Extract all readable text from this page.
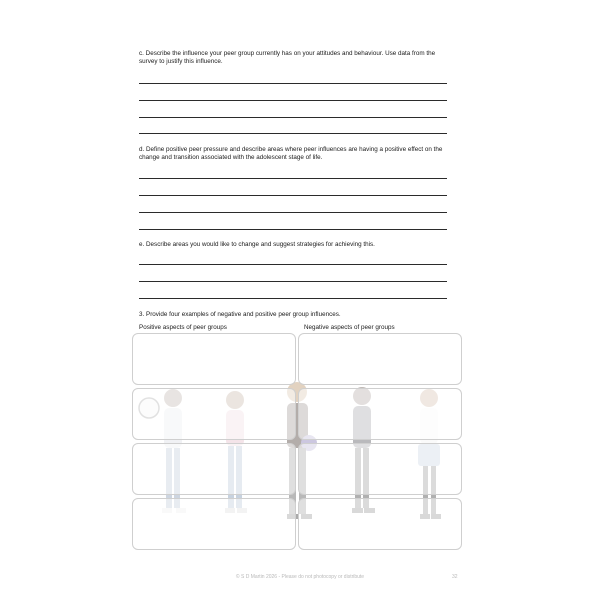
c. Describe the influence your peer group currently has on your attitudes and behaviour. Use data from the survey to justify this influence.
d. Define positive peer pressure and describe areas where peer influences are having a positive effect on the change and transition associated with the adolescent stage of life.
e. Describe areas you would like to change and suggest strategies for achieving this.
3. Provide four examples of negative and positive peer group influences.
Positive aspects of peer groups	Negative aspects of peer groups
© S D Martin 2026 - Please do not photocopy or distribute	32
